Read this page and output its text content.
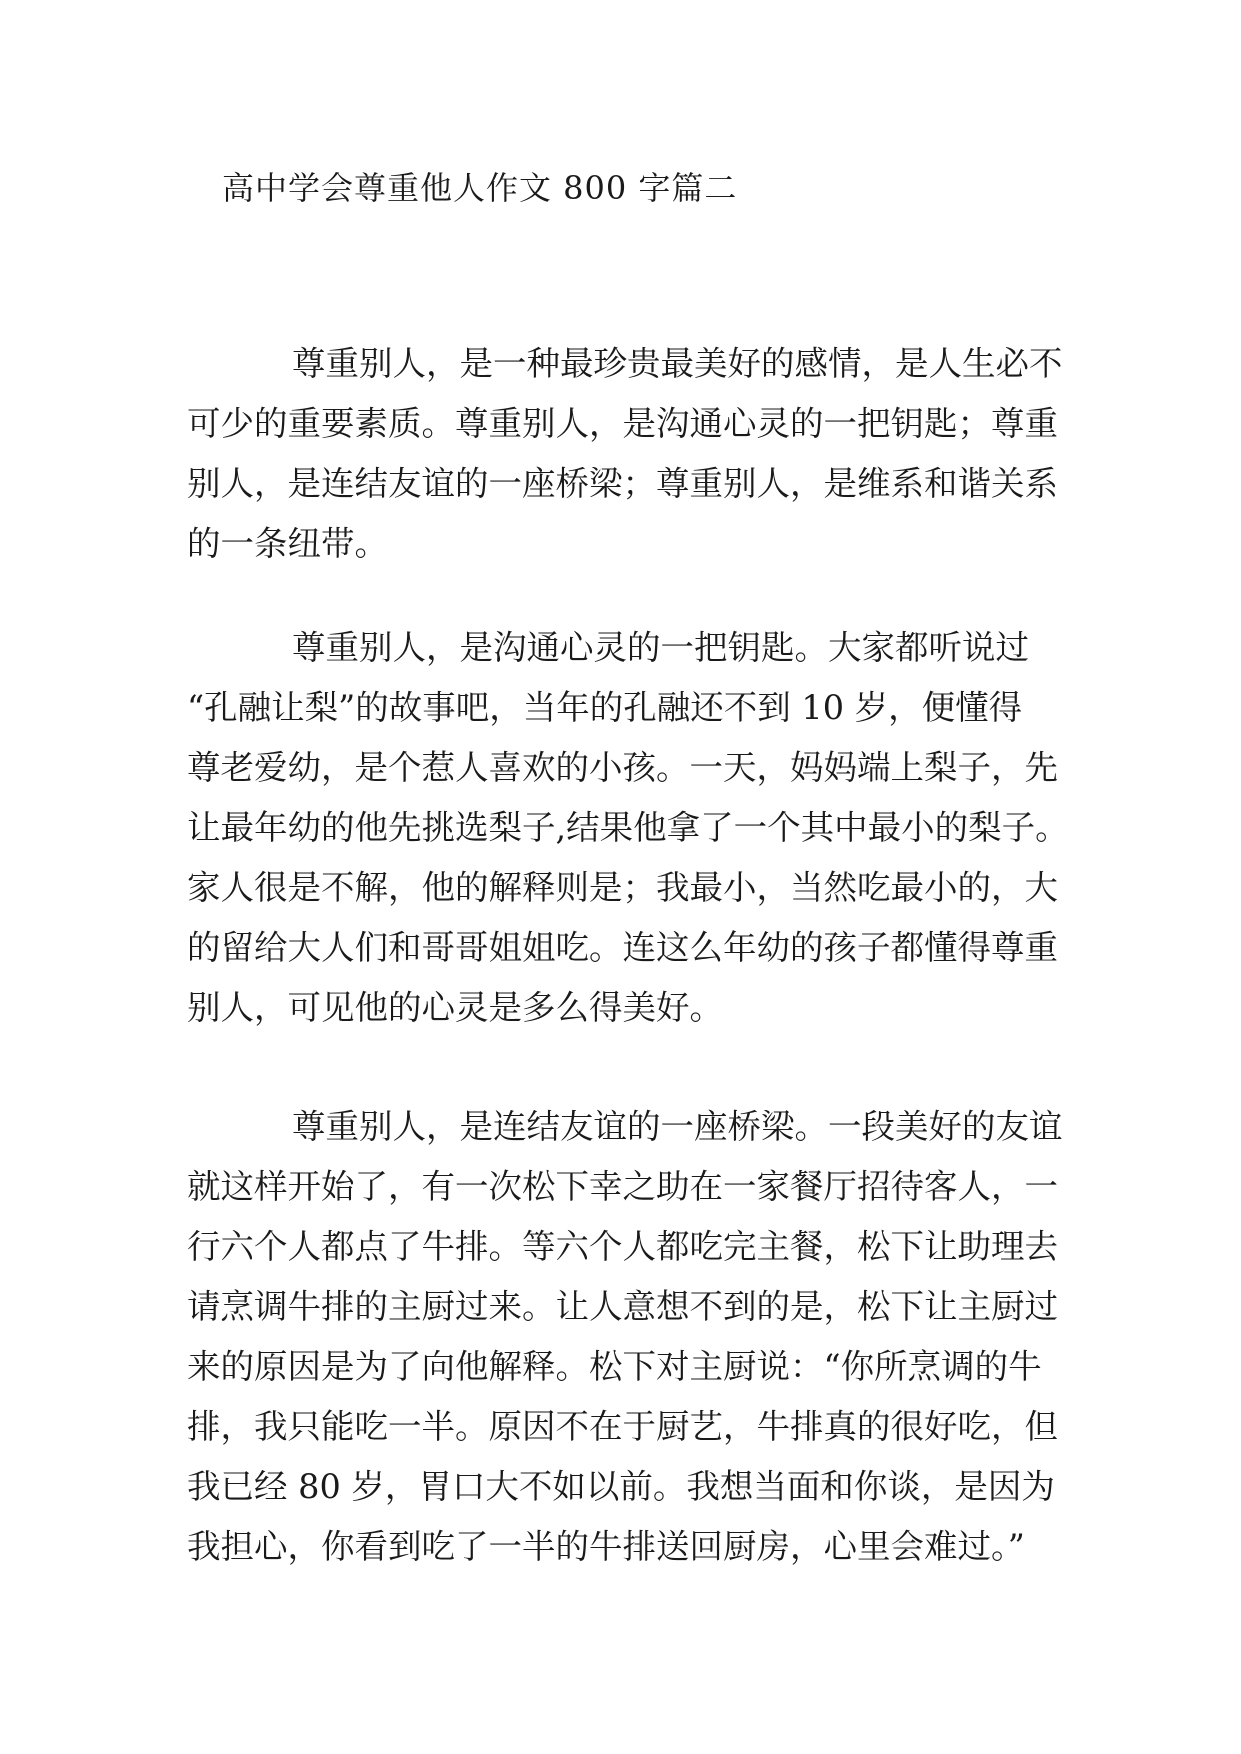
高中学会尊重他人作文 800 字篇二
尊重别人，是一种最珍贵最美好的感情，是人生必不
可少的重要素质。尊重别人，是沟通心灵的一把钥匙；尊重
别人，是连结友谊的一座桥梁；尊重别人，是维系和谐关系
的一条纽带。
尊重别人，是沟通心灵的一把钥匙。大家都听说过
“孔融让梨”的故事吧，当年的孔融还不到 10 岁，便懂得
尊老爱幼，是个惹人喜欢的小孩。一天，妈妈端上梨子，先
让最年幼的他先挑选梨子,结果他拿了一个其中最小的梨子。
家人很是不解，他的解释则是；我最小，当然吃最小的，大
的留给大人们和哥哥姐姐吃。连这么年幼的孩子都懂得尊重
别人，可见他的心灵是多么得美好。
尊重别人，是连结友谊的一座桥梁。一段美好的友谊
就这样开始了，有一次松下幸之助在一家餐厅招待客人，一
行六个人都点了牛排。等六个人都吃完主餐，松下让助理去
请烹调牛排的主厨过来。让人意想不到的是，松下让主厨过
来的原因是为了向他解释。松下对主厨说：“你所烹调的牛
排，我只能吃一半。原因不在于厨艺，牛排真的很好吃，但
我已经 80 岁，胃口大不如以前。我想当面和你谈，是因为
我担心，你看到吃了一半的牛排送回厨房，心里会难过。”
